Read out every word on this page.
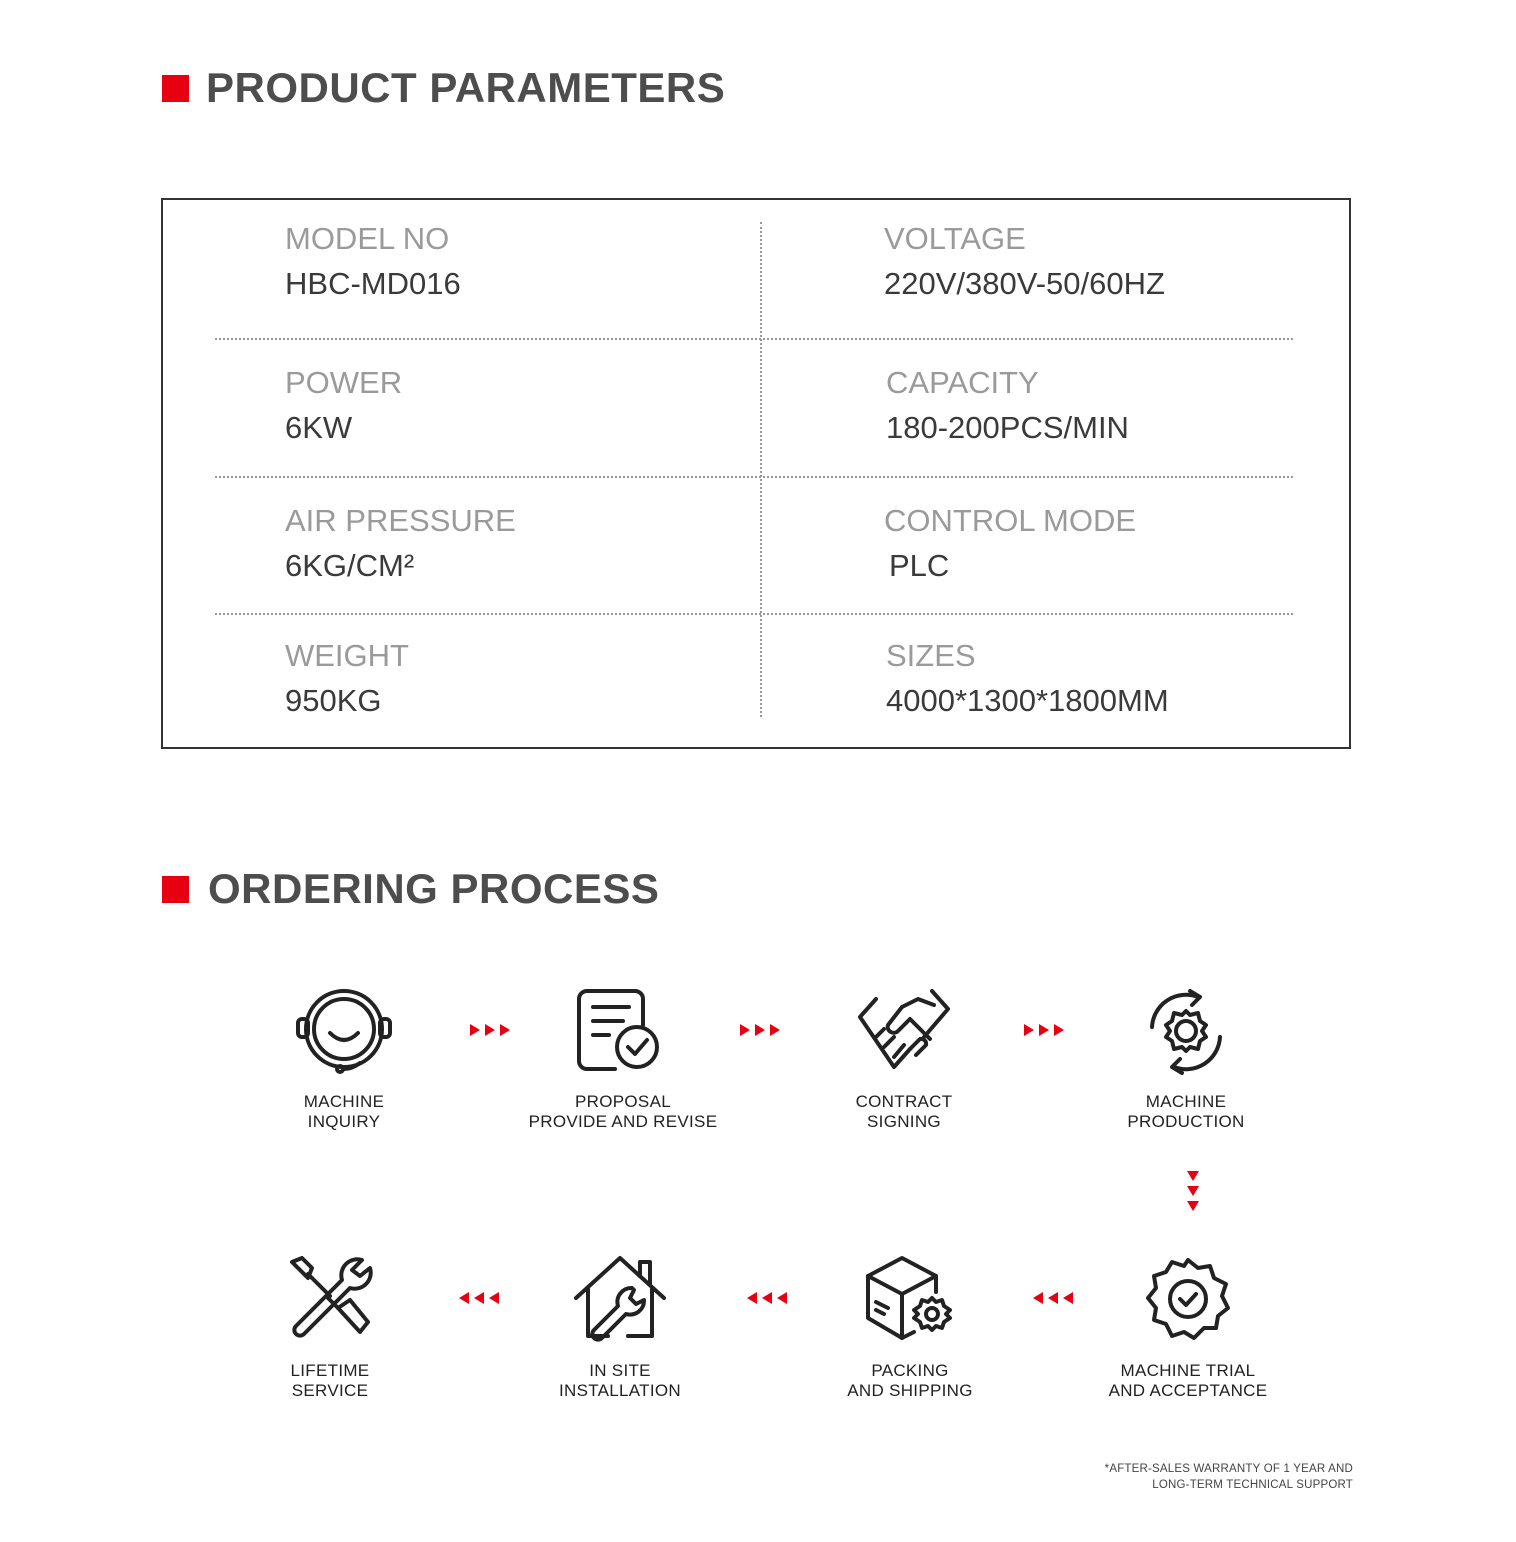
PRODUCT PARAMETERS
MODEL NO
HBC-MD016
VOLTAGE
220V/380V-50/60HZ
POWER
6KW
CAPACITY
180-200PCS/MIN
AIR PRESSURE
6KG/CM²
CONTROL MODE
PLC
WEIGHT
950KG
SIZES
4000*1300*1800MM
ORDERING PROCESS
MACHINE
INQUIRY
PROPOSAL
PROVIDE AND REVISE
CONTRACT
SIGNING
MACHINE
PRODUCTION
MACHINE TRIAL
AND ACCEPTANCE
PACKING
AND SHIPPING
IN SITE
INSTALLATION
LIFETIME
SERVICE
*AFTER-SALES WARRANTY OF 1 YEAR AND
LONG-TERM TECHNICAL SUPPORT
